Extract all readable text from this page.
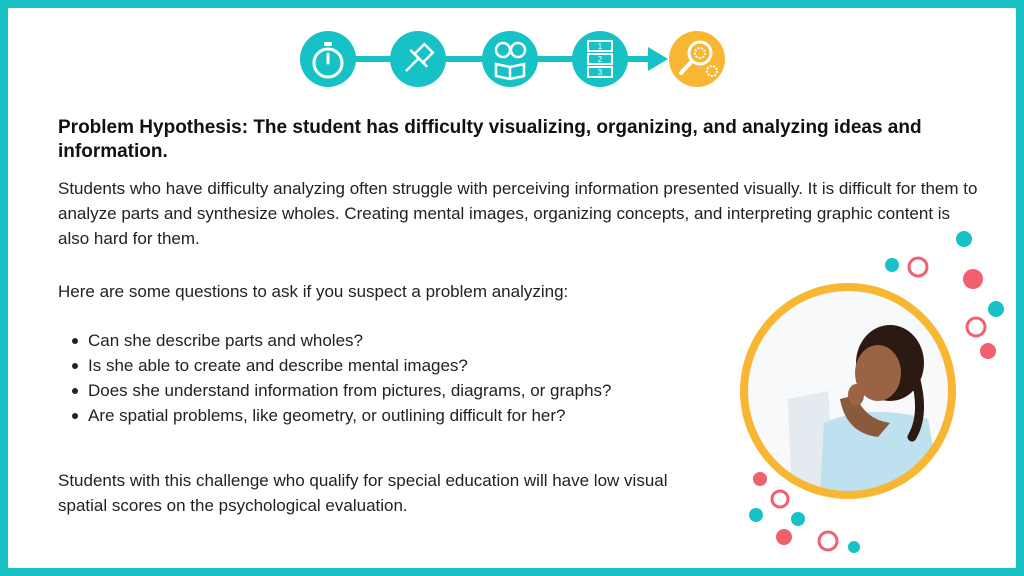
1
2
3
Problem Hypothesis: The student has difficulty visualizing, organizing, and analyzing ideas and information.

Students who have difficulty analyzing often struggle with perceiving information presented visually. It is difficult for them to analyze parts and synthesize wholes. Creating mental images, organizing concepts, and interpreting graphic content is also hard for them.

Here are some questions to ask if you suspect a problem analyzing:

Can she describe parts and wholes?
Is she able to create and describe mental images?
Does she understand information from pictures, diagrams, or graphs?
Are spatial problems, like geometry, or outlining difficult for her?

Students with this challenge who qualify for special education will have low visual spatial scores on the psychological evaluation.
